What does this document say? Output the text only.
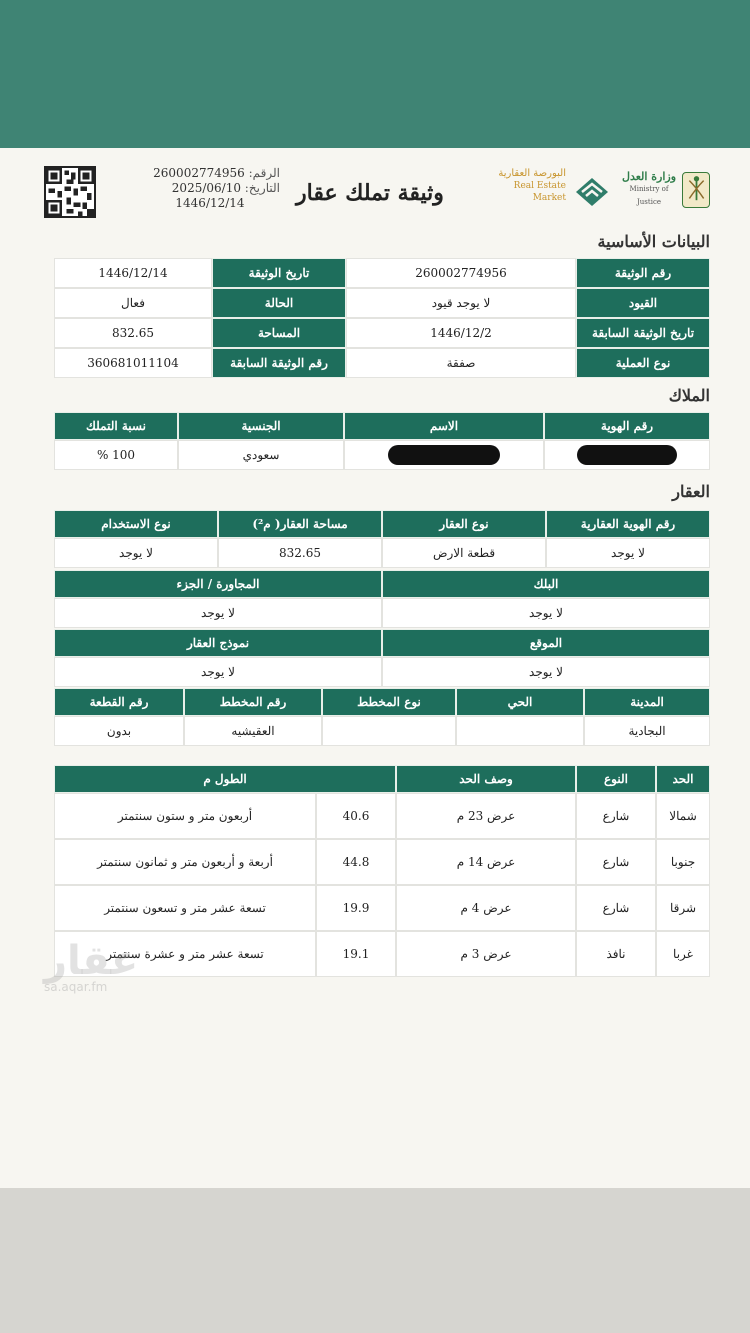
الرقم: 260002774956
التاريخ: 2025/06/10
1446/12/14	وثيقة تملك عقار
البورصة العقارية
Real Estate Market
وزارة العدل
Ministry of Justice
البيانات الأساسية
رقم الوثيقة
260002774956
تاريخ الوثيقة
1446/12/14
القيود
لا يوجد قيود
الحالة
فعال
تاريخ الوثيقة السابقة
1446/12/2
المساحة
832.65
نوع العملية
صفقة
رقم الوثيقة السابقة
360681011104
الملاك
رقم الهوية
الاسم
الجنسية
نسبة التملك
سعودي
100 %
العقار
رقم الهوية العقارية
نوع العقار
مساحة العقار( م²)
نوع الاستخدام
لا يوجد
قطعة الارض
832.65
لا يوجد
البلك
المجاورة / الجزء
لا يوجد
لا يوجد
الموقع
نموذج العقار
لا يوجد
لا يوجد
المدينة
الحي
نوع المخطط
رقم المخطط
رقم القطعة
البجادية
العقيشيه
بدون
الحد
النوع
وصف الحد
الطول م
شمالا
شارع
عرض 23 م
40.6
أربعون متر و ستون سنتمتر
جنوبا
شارع
عرض 14 م
44.8
أربعة و أربعون متر و ثمانون سنتمتر
شرقا
شارع
عرض 4 م
19.9
تسعة عشر متر و تسعون سنتمتر
غربا
نافذ
عرض 3 م
19.1
تسعة عشر متر و عشرة سنتمتر
عقار
sa.aqar.fm
